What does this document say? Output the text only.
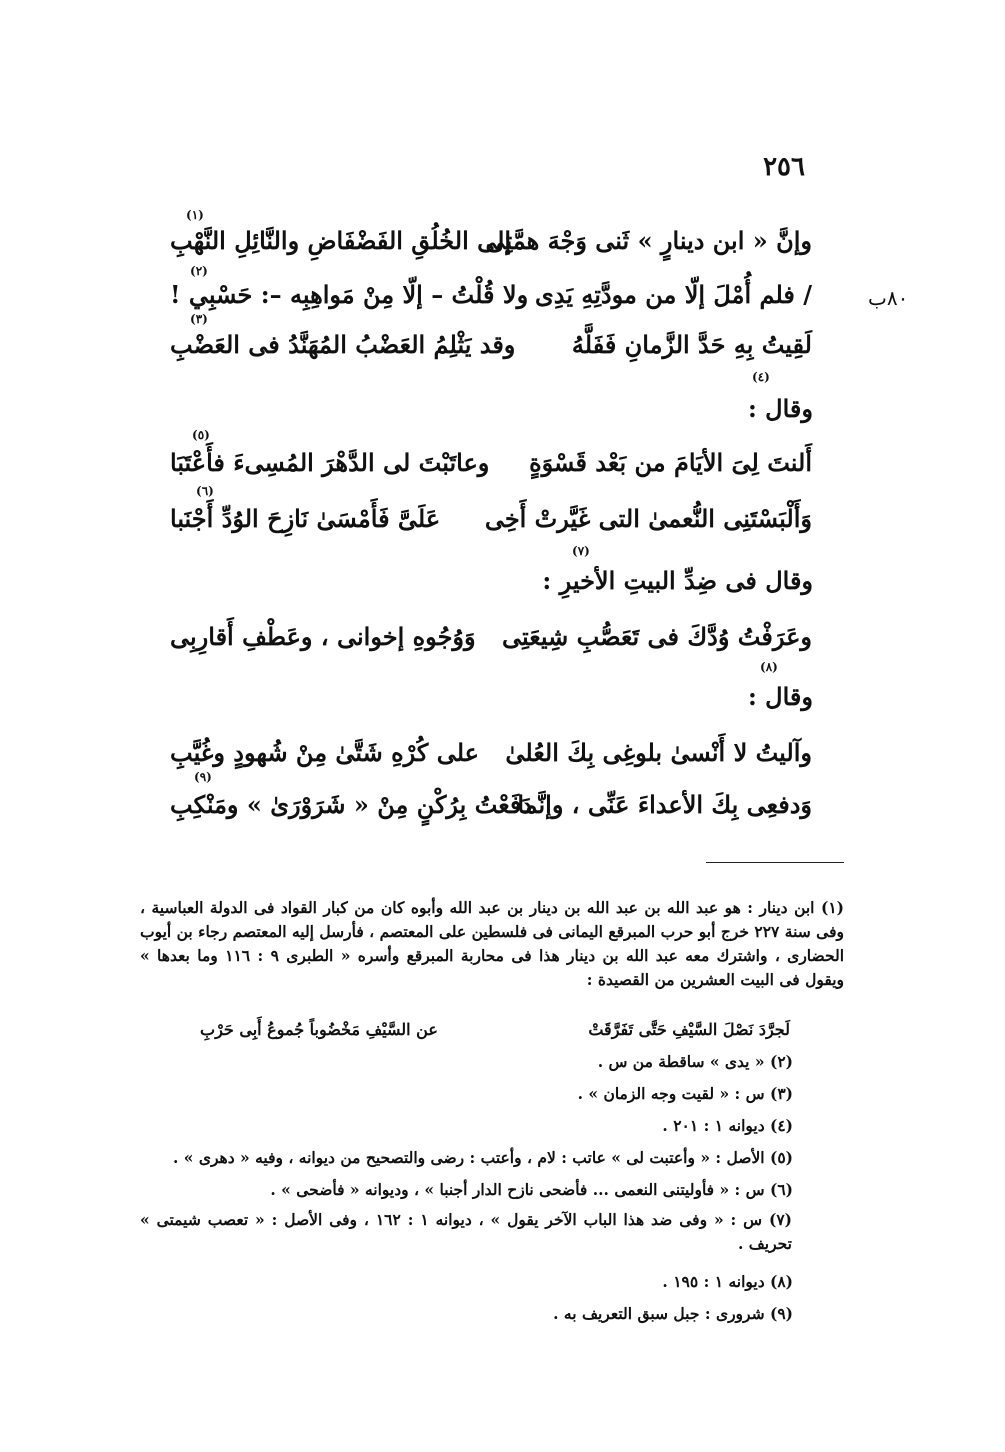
٢٥٦
٨٠ب
وإنَّ « ابن دينارٍ » ثَنى وَجْهَ همَّتِى
إلى الخُلُقِ الفَضْفَاضِ والنَّائِلِ النَّهْبِ
(١)
/ فلم أُمْلَ إلّا من مودَّتِهِ يَدِى
ولا قُلْتُ – إلّا مِنْ مَواهِبِه –: حَسْبِي !
(٢)
لَقِيتُ بِهِ حَدَّ الزَّمانِ فَفَلَّهُ
وقد يَثْلِمُ العَضْبُ المُهَنَّدُ فى العَضْبِ
(٣)
(٤)
وقال :
أَلنتَ لِىَ الأيَامَ من بَعْد قَسْوَةٍ
وعاتَبْتَ لى الدَّهْرَ المُسِىءَ فأَعْتَبَا
(٥)
وَأَلْبَسْتَنِى النُّعمىٰ التى غَيَّرتْ أَخِى
عَلَىَّ فَأَمْسَىٰ نَازِحَ الوُدِّ أَجْنَبا
(٦)
(٧)
وقال فى ضِدِّ البيتِ الأخيرِ :
وعَرَفْتُ وُدَّكَ فى تَعَصُّبِ شِيعَتِى
وَوُجُوهِ إخوانى ، وعَطْفِ أَقارِبِى
(٨)
وقال :
وآليتُ لا أَنْسىٰ بلوغِى بِكَ العُلىٰ
على كُرْهِ شَتَّىٰ مِنْ شُهودٍ وغُيَّبِ
وَدفعِى بِكَ الأعداءَ عَنِّى ، وإنَّما
دَفَعْتُ بِرُكْنٍ مِنْ « شَرَوْرَىٰ » ومَنْكِبِ
(٩)
(١) ابن دينار : هو عبد الله بن عبد الله بن دينار بن عبد الله وأبوه كان من كبار القواد فى الدولة العباسية ، وفى سنة ٢٢٧ خرج أبو حرب المبرقع اليمانى فى فلسطين على المعتصم ، فأرسل إليه المعتصم رجاء بن أيوب الحضارى ، واشترك معه عبد الله بن دينار هذا فى محاربة المبرقع وأسره « الطبرى ٩ : ١١٦ وما بعدها » ويقول فى البيت العشرين من القصيدة :
عن السَّيْفِ مَخْضُوباً جُموعُ أَبِى حَرْبِ	لَجرَّدَ نَصْلَ السَّيْفِ حَتَّى تَفَرَّقَتْ
(٢) « يدى » ساقطة من س .
(٣) س : « لقيت وجه الزمان » .
(٤) ديوانه ١ : ٢٠١ .
(٥) الأصل : « وأعتبت لى » عاتب : لام ، وأعتب : رضى والتصحيح من ديوانه ، وفيه « دهرى » .
(٦) س : « فأوليتنى النعمى ... فأضحى نازح الدار أجنبا » ، وديوانه « فأضحى » .
(٧) س : « وفى ضد هذا الباب الآخر يقول » ، ديوانه ١ : ١٦٢ ، وفى الأصل : « تعصب شيمتى » تحريف .
(٨) ديوانه ١ : ١٩٥ .
(٩) شرورى : جبل سبق التعريف به .
